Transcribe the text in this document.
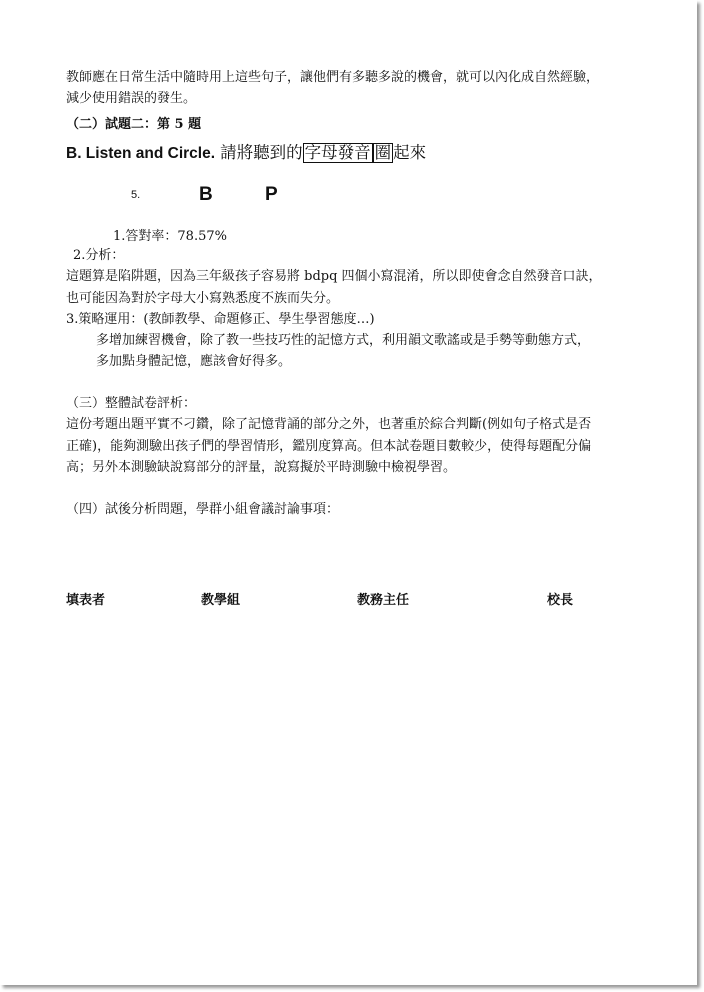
教師應在日常生活中隨時用上這些句子，讓他們有多聽多說的機會，就可以內化成自然經驗，
減少使用錯誤的發生。
（二）試題二：第 5 題
B. Listen and Circle. 請將聽到的 字母發音 圈 起來
5.	B	P
1.答對率：78.57%
2.分析：
這題算是陷阱題，因為三年級孩子容易將 bdpq 四個小寫混淆，所以即使會念自然發音口訣，
也可能因為對於字母大小寫熟悉度不族而失分。
3.策略運用：(教師教學、命題修正、學生學習態度…)
多增加練習機會，除了教一些技巧性的記憶方式，利用韻文歌謠或是手勢等動態方式，
多加點身體記憶，應該會好得多。
（三）整體試卷評析：
這份考題出題平實不刁鑽，除了記憶背誦的部分之外，也著重於綜合判斷(例如句子格式是否
正確)，能夠測驗出孩子們的學習情形，鑑別度算高。但本試卷題目數較少，使得每題配分偏
高；另外本測驗缺說寫部分的評量，說寫擬於平時測驗中檢視學習。
（四）試後分析問題，學群小組會議討論事項：
填表者	教學組	教務主任	校長
